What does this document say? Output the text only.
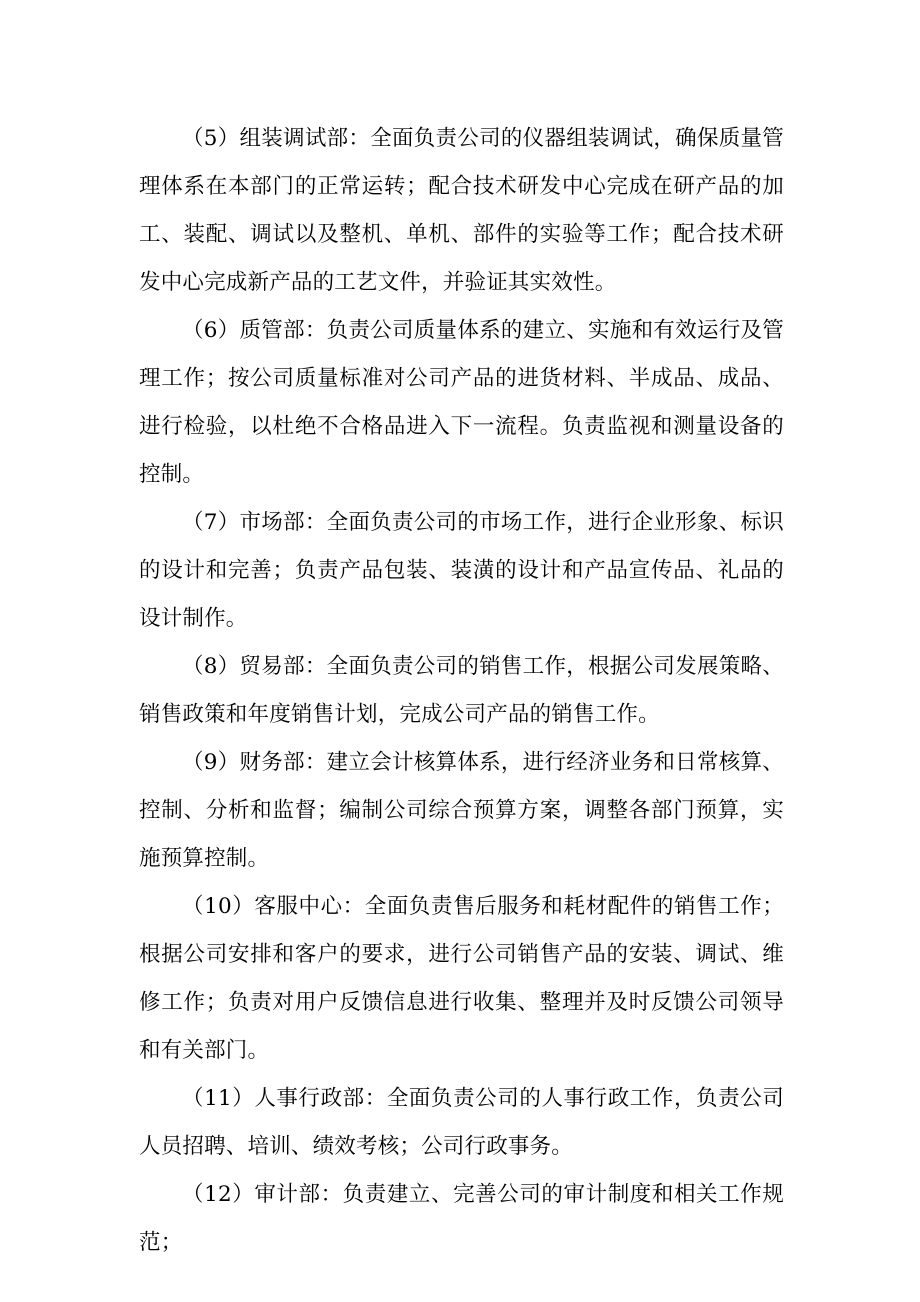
（5）组装调试部：全面负责公司的仪器组装调试，确保质量管理体系在本部门的正常运转；配合技术研发中心完成在研产品的加工、装配、调试以及整机、单机、部件的实验等工作；配合技术研发中心完成新产品的工艺文件，并验证其实效性。

（6）质管部：负责公司质量体系的建立、实施和有效运行及管理工作；按公司质量标准对公司产品的进货材料、半成品、成品、进行检验，以杜绝不合格品进入下一流程。负责监视和测量设备的控制。

（7）市场部：全面负责公司的市场工作，进行企业形象、标识的设计和完善；负责产品包装、装潢的设计和产品宣传品、礼品的设计制作。

（8）贸易部：全面负责公司的销售工作，根据公司发展策略、销售政策和年度销售计划，完成公司产品的销售工作。

（9）财务部：建立会计核算体系，进行经济业务和日常核算、控制、分析和监督；编制公司综合预算方案，调整各部门预算，实施预算控制。

（10）客服中心：全面负责售后服务和耗材配件的销售工作；根据公司安排和客户的要求，进行公司销售产品的安装、调试、维修工作；负责对用户反馈信息进行收集、整理并及时反馈公司领导和有关部门。

（11）人事行政部：全面负责公司的人事行政工作，负责公司人员招聘、培训、绩效考核；公司行政事务。

（12）审计部：负责建立、完善公司的审计制度和相关工作规范；
